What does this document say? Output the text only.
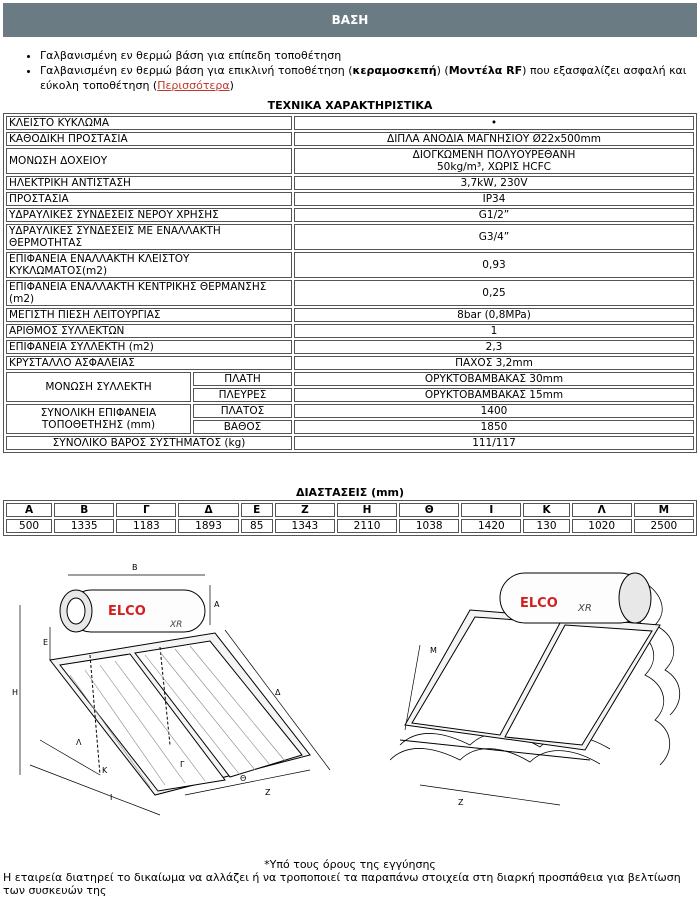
ΒΑΣΗ
• Γαλβανισμένη εν θερμώ βάση για επίπεδη τοποθέτηση
• Γαλβανισμένη εν θερμώ βάση για επικλινή τοποθέτηση (κεραμοσκεπή) (Μοντέλα RF) που εξασφαλίζει ασφαλή και εύκολη τοποθέτηση (Περισσότερα)
ΤΕΧΝΙΚΑ ΧΑΡΑΚΤΗΡΙΣΤΙΚΑ
ΚΛΕΙΣΤΟ ΚΥΚΛΩΜΑ		•
ΚΑΘΟΔΙΚΗ ΠΡΟΣΤΑΣΙΑ		ΔΙΠΛΑ ΑΝΟΔΙΑ ΜΑΓΝΗΣΙΟΥ Ø22x500mm
ΜΟΝΩΣΗ ΔΟΧΕΙΟΥ		ΔΙΟΓΚΩΜΕΝΗ ΠΟΛΥΟΥΡΕΘΑΝΗ
50kg/m³, ΧΩΡΙΣ HCFC
ΗΛΕΚΤΡΙΚΗ ΑΝΤΙΣΤΑΣΗ		3,7kW, 230V
ΠΡΟΣΤΑΣΙΑ		IP34
ΥΔΡΑΥΛΙΚΕΣ ΣΥΝΔΕΣΕΙΣ ΝΕΡΟΥ ΧΡΗΣΗΣ		G1/2”
ΥΔΡΑΥΛΙΚΕΣ ΣΥΝΔΕΣΕΙΣ ΜΕ ΕΝΑΛΛΑΚΤΗ ΘΕΡΜΟΤΗΤΑΣ		G3/4”
ΕΠΙΦΑΝΕΙΑ ΕΝΑΛΛΑΚΤΗ ΚΛΕΙΣΤΟΥ ΚΥΚΛΩΜΑΤΟΣ(m2)		0,93
ΕΠΙΦΑΝΕΙΑ ΕΝΑΛΛΑΚΤΗ ΚΕΝΤΡΙΚΗΣ ΘΕΡΜΑΝΣΗΣ (m2)		0,25
ΜΕΓΙΣΤΗ ΠΙΕΣΗ ΛΕΙΤΟΥΡΓΙΑΣ		8bar (0,8MPa)
ΑΡΙΘΜΟΣ ΣΥΛΛΕΚΤΩΝ		1
ΕΠΙΦΑΝΕΙΑ ΣΥΛΛΕΚΤΗ (m2)		2,3
ΚΡΥΣΤΑΛΛΟ ΑΣΦΑΛΕΙΑΣ		ΠΑΧΟΣ 3,2mm
ΜΟΝΩΣΗ ΣΥΛΛΕΚΤΗ	ΠΛΑΤΗ	ΟΡΥΚΤΟΒΑΜΒΑΚΑΣ 30mm
	ΠΛΕΥΡΕΣ	ΟΡΥΚΤΟΒΑΜΒΑΚΑΣ 15mm
ΣΥΝΟΛΙΚΗ ΕΠΙΦΑΝΕΙΑ ΤΟΠΟΘΕΤΗΣΗΣ (mm)	ΠΛΑΤΟΣ	1400
	ΒΑΘΟΣ	1850
ΣΥΝΟΛΙΚΟ ΒΑΡΟΣ ΣΥΣΤΗΜΑΤΟΣ (kg)		111/117
ΔΙΑΣΤΑΣΕΙΣ (mm)
Α	Β	Γ	Δ	Ε	Ζ	Η	Θ	Ι	Κ	Λ	Μ
500	1335	1183	1893	85	1343	2110	1038	1420	130	1020	2500
ELCO
XR
Β
Α
Η
Ε
Δ
Λ
Γ
Κ
Ι
Θ
Ζ
ELCO XR
Μ
Ζ
*Υπό τους όρους της εγγύησης
Η εταιρεία διατηρεί το δικαίωμα να αλλάζει ή να τροποποιεί τα παραπάνω στοιχεία στη διαρκή προσπάθεια για βελτίωση των συσκευών της
